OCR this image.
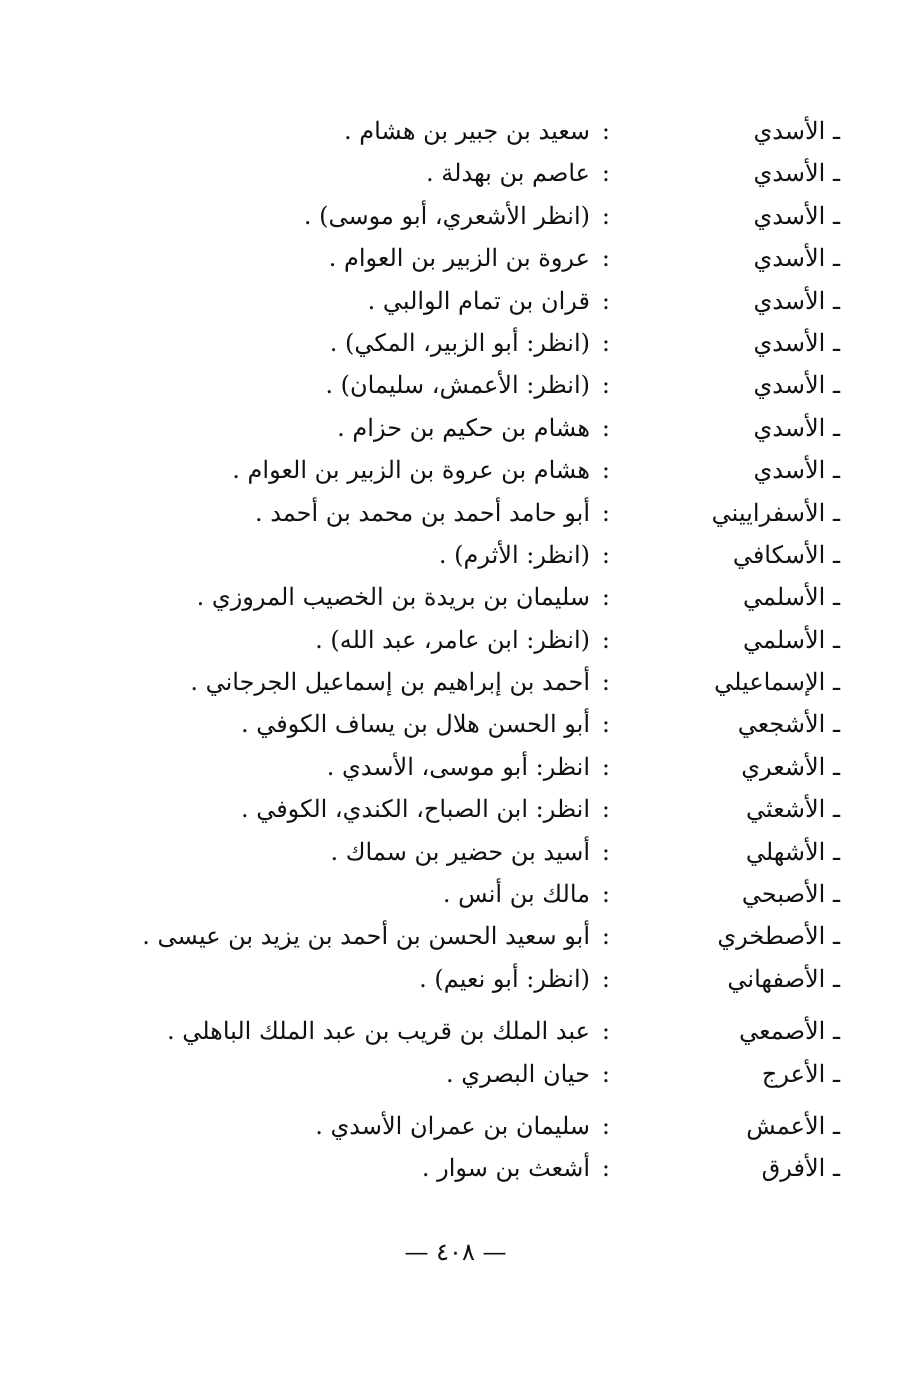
ـ الأسدي
:
سعيد بن جبير بن هشام .
ـ الأسدي
:
عاصم بن بهدلة .
ـ الأسدي
:
(انظر الأشعري، أبو موسى) .
ـ الأسدي
:
عروة بن الزبير بن العوام .
ـ الأسدي
:
قران بن تمام الوالبي .
ـ الأسدي
:
(انظر: أبو الزبير، المكي) .
ـ الأسدي
:
(انظر: الأعمش، سليمان) .
ـ الأسدي
:
هشام بن حكيم بن حزام .
ـ الأسدي
:
هشام بن عروة بن الزبير بن العوام .
ـ الأسفراييني
:
أبو حامد أحمد بن محمد بن أحمد .
ـ الأسكافي
:
(انظر: الأثرم) .
ـ الأسلمي
:
سليمان بن بريدة بن الخصيب المروزي .
ـ الأسلمي
:
(انظر: ابن عامر، عبد الله) .
ـ الإسماعيلي
:
أحمد بن إبراهيم بن إسماعيل الجرجاني .
ـ الأشجعي
:
أبو الحسن هلال بن يساف الكوفي .
ـ الأشعري
:
انظر: أبو موسى، الأسدي .
ـ الأشعثي
:
انظر: ابن الصباح، الكندي، الكوفي .
ـ الأشهلي
:
أسيد بن حضير بن سماك .
ـ الأصبحي
:
مالك بن أنس .
ـ الأصطخري
:
أبو سعيد الحسن بن أحمد بن يزيد بن عيسى .
ـ الأصفهاني
:
(انظر: أبو نعيم) .
ـ الأصمعي
:
عبد الملك بن قريب بن عبد الملك الباهلي .
ـ الأعرج
:
حيان البصري .
ـ الأعمش
:
سليمان بن عمران الأسدي .
ـ الأفرق
:
أشعث بن سوار .
— ٤٠٨ —
